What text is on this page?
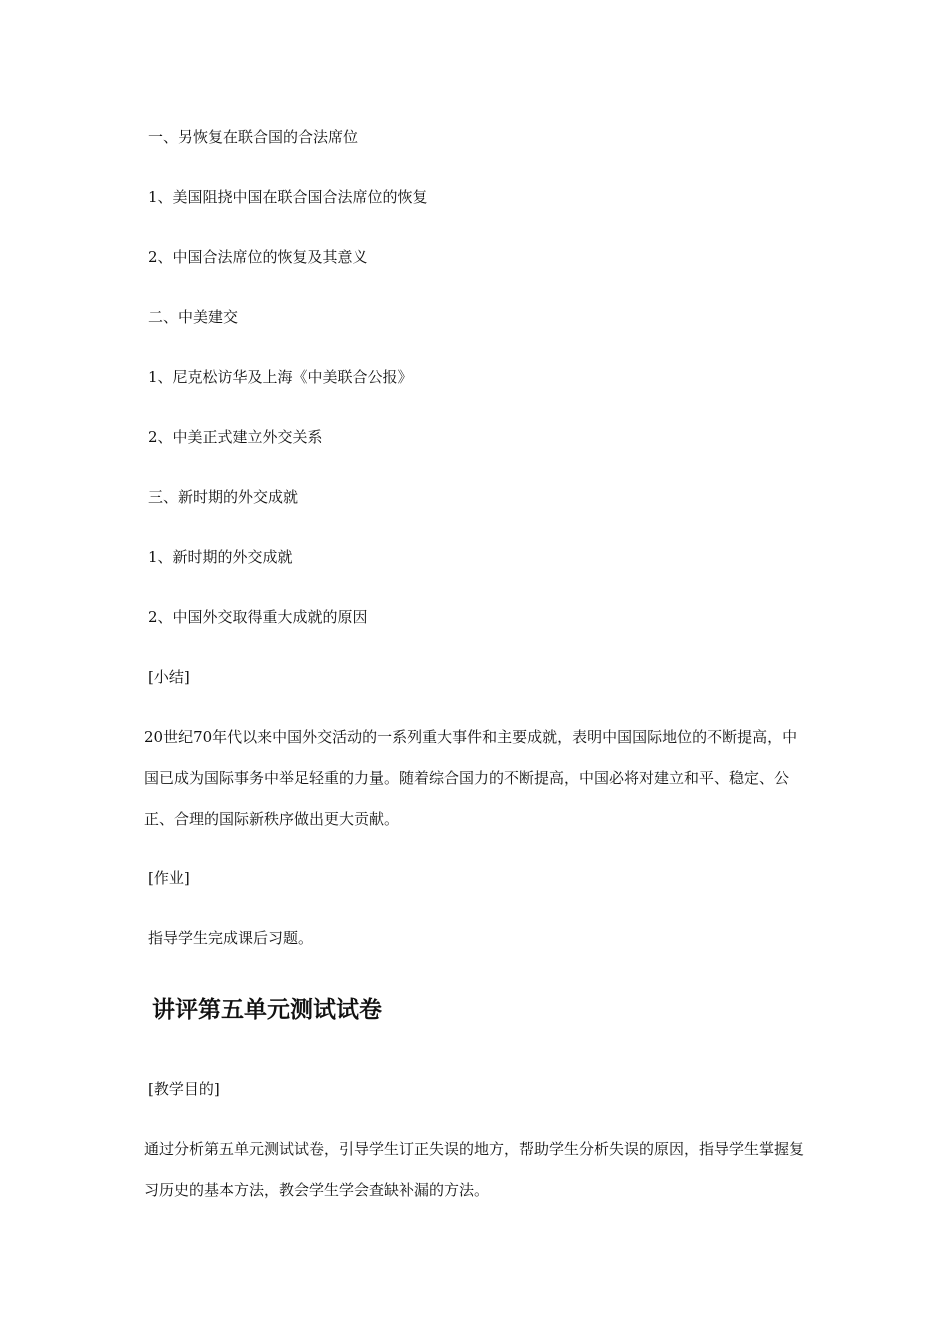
一、另恢复在联合国的合法席位
1、美国阻挠中国在联合国合法席位的恢复
2、中国合法席位的恢复及其意义
二、中美建交
1、尼克松访华及上海《中美联合公报》
2、中美正式建立外交关系
三、新时期的外交成就
1、新时期的外交成就
2、中国外交取得重大成就的原因
[小结]
20世纪70年代以来中国外交活动的一系列重大事件和主要成就，表明中国国际地位的不断提高，中国已成为国际事务中举足轻重的力量。随着综合国力的不断提高，中国必将对建立和平、稳定、公正、合理的国际新秩序做出更大贡献。
[作业]
指导学生完成课后习题。
讲评第五单元测试试卷
[教学目的]
通过分析第五单元测试试卷，引导学生订正失误的地方，帮助学生分析失误的原因，指导学生掌握复习历史的基本方法，教会学生学会查缺补漏的方法。
